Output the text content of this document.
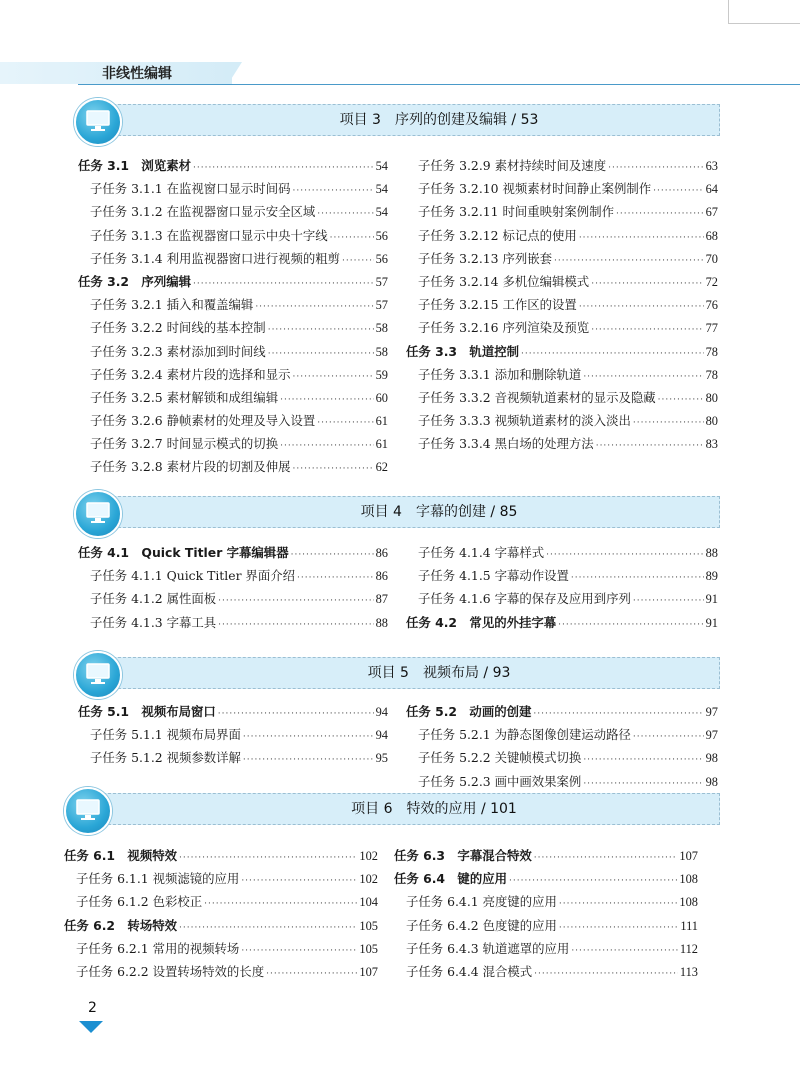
非线性编辑
项目 3　序列的创建及编辑 / 53
任务 3.1　浏览素材 ·····	54
子任务 3.1.1 在监视窗口显示时间码 ·····	54
子任务 3.1.2 在监视器窗口显示安全区域 ·····	54
子任务 3.1.3 在监视器窗口显示中央十字线 ·····	56
子任务 3.1.4 利用监视器窗口进行视频的粗剪 ·····	56
任务 3.2　序列编辑 ·····	57
子任务 3.2.1 插入和覆盖编辑 ·····	57
子任务 3.2.2 时间线的基本控制 ·····	58
子任务 3.2.3 素材添加到时间线 ·····	58
子任务 3.2.4 素材片段的选择和显示 ·····	59
子任务 3.2.5 素材解锁和成组编辑 ·····	60
子任务 3.2.6 静帧素材的处理及导入设置 ·····	61
子任务 3.2.7 时间显示模式的切换 ·····	61
子任务 3.2.8 素材片段的切割及伸展 ·····	62
子任务 3.2.9 素材持续时间及速度 ·····	63
子任务 3.2.10 视频素材时间静止案例制作 ·····	64
子任务 3.2.11 时间重映射案例制作 ·····	67
子任务 3.2.12 标记点的使用 ·····	68
子任务 3.2.13 序列嵌套 ·····	70
子任务 3.2.14 多机位编辑模式 ·····	72
子任务 3.2.15 工作区的设置 ·····	76
子任务 3.2.16 序列渲染及预览 ·····	77
任务 3.3　轨道控制 ·····	78
子任务 3.3.1 添加和删除轨道 ·····	78
子任务 3.3.2 音视频轨道素材的显示及隐藏 ·····	80
子任务 3.3.3 视频轨道素材的淡入淡出 ·····	80
子任务 3.3.4 黑白场的处理方法 ·····	83
项目 4　字幕的创建 / 85
任务 4.1　Quick Titler 字幕编辑器 ·····	86
子任务 4.1.1 Quick Titler 界面介绍 ·····	86
子任务 4.1.2 属性面板 ·····	87
子任务 4.1.3 字幕工具 ·····	88
子任务 4.1.4 字幕样式 ·····	88
子任务 4.1.5 字幕动作设置 ·····	89
子任务 4.1.6 字幕的保存及应用到序列 ·····	91
任务 4.2　常见的外挂字幕 ·····	91
项目 5　视频布局 / 93
任务 5.1　视频布局窗口 ·····	94
子任务 5.1.1 视频布局界面 ·····	94
子任务 5.1.2 视频参数详解 ·····	95
任务 5.2　动画的创建 ·····	97
子任务 5.2.1 为静态图像创建运动路径 ·····	97
子任务 5.2.2 关键帧模式切换 ·····	98
子任务 5.2.3 画中画效果案例 ·····	98
项目 6　特效的应用 / 101
任务 6.1　视频特效 ·····	102
子任务 6.1.1 视频滤镜的应用 ·····	102
子任务 6.1.2 色彩校正 ·····	104
任务 6.2　转场特效 ·····	105
子任务 6.2.1 常用的视频转场 ·····	105
子任务 6.2.2 设置转场特效的长度 ·····	107
任务 6.3　字幕混合特效 ·····	107
任务 6.4　键的应用 ·····	108
子任务 6.4.1 亮度键的应用 ·····	108
子任务 6.4.2 色度键的应用 ·····	111
子任务 6.4.3 轨道遮罩的应用 ·····	112
子任务 6.4.4 混合模式 ·····	113
2
